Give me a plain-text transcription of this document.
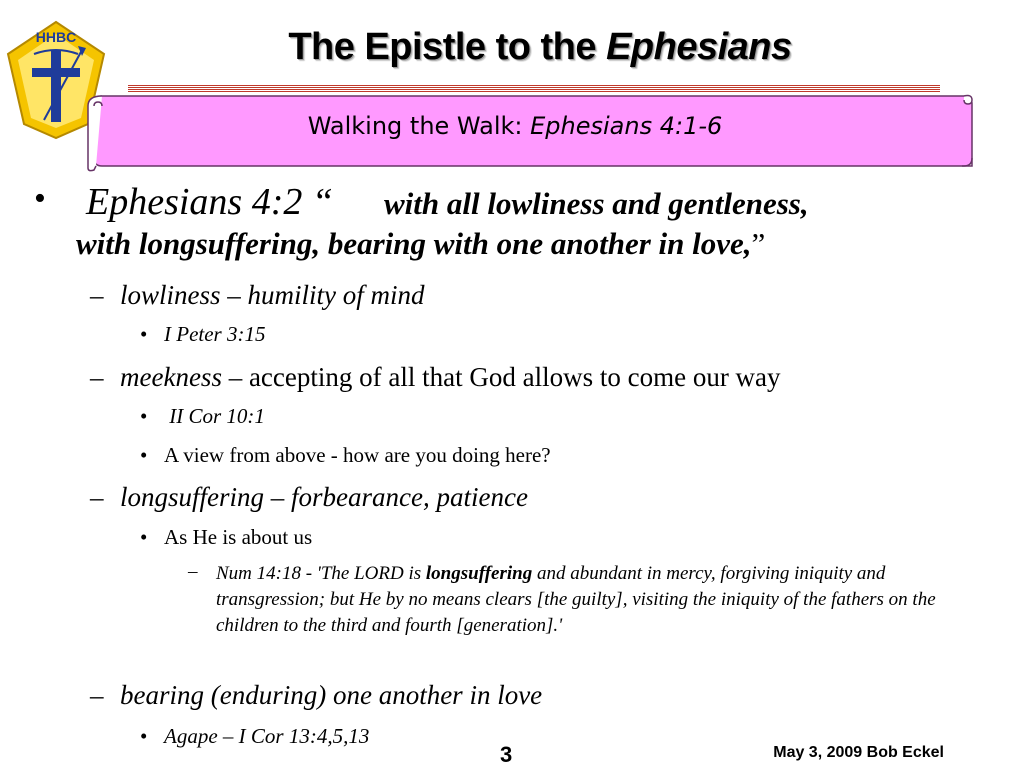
HHBC	The Epistle to the Ephesians
Walking the Walk: Ephesians 4:1-6
• Ephesians 4:2 “ with all lowliness and gentleness,
with longsuffering, bearing with one another in love,”
– lowliness – humility of mind
• I Peter 3:15
– meekness – accepting of all that God allows to come our way
• II Cor 10:1
• A view from above - how are you doing here?
– longsuffering – forbearance, patience
• As He is about us
– Num 14:18 - 'The LORD is longsuffering and abundant in mercy, forgiving iniquity and transgression; but He by no means clears [the guilty], visiting the iniquity of the fathers on the children to the third and fourth [generation].'
– bearing (enduring) one another in love
• Agape – I Cor 13:4,5,13
3	May 3, 2009 Bob Eckel
